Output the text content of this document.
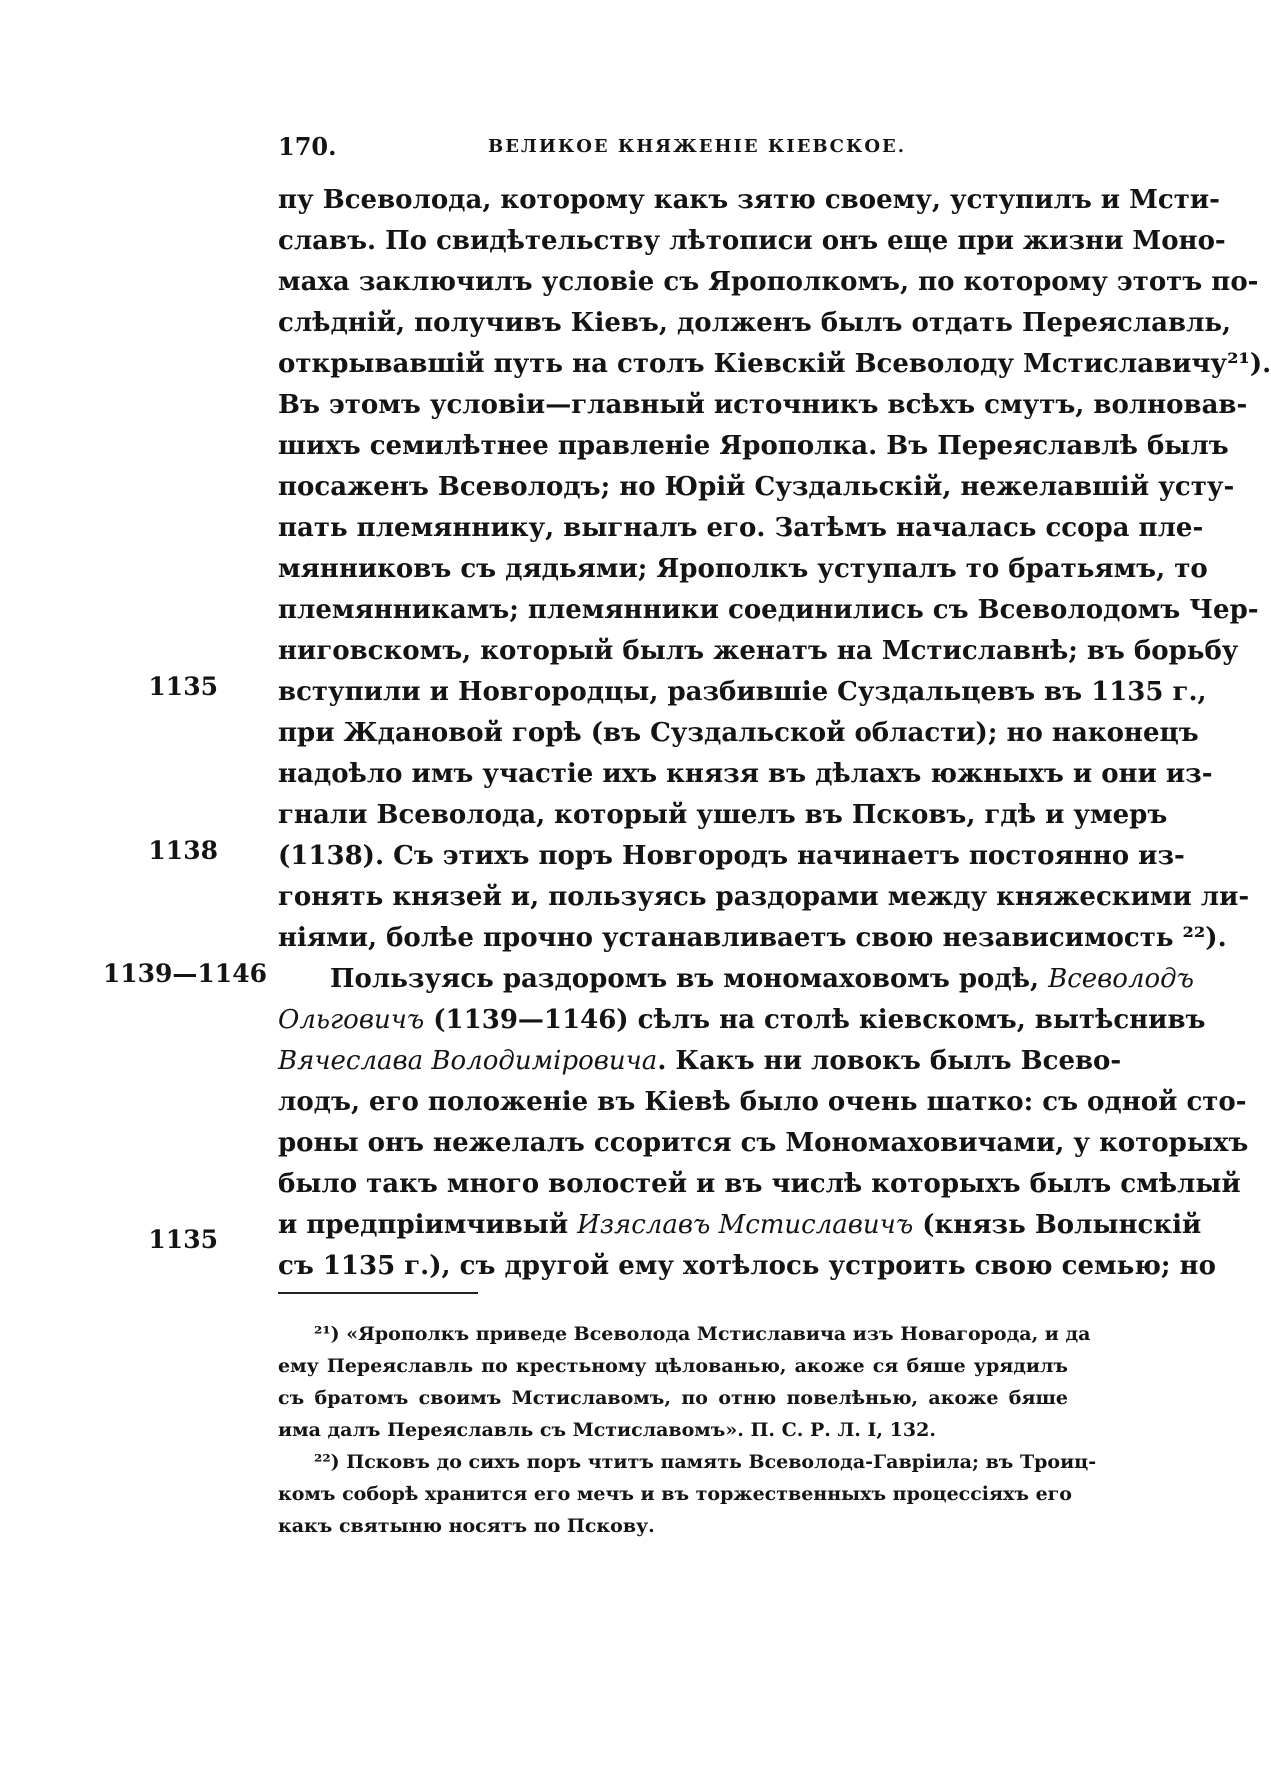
170.	ВЕЛИКОЕ КНЯЖЕНІЕ КІЕВСКОЕ.
1135
1138
1139—1146
1135
пу Всеволода, которому какъ зятю своему, уступилъ и Мсти-
славъ. По свидѣтельству лѣтописи онъ еще при жизни Моно-
маха заключилъ условіе съ Ярополкомъ, по которому этотъ по-
слѣдній, получивъ Кіевъ, долженъ былъ отдать Переяславль,
открывавшій путь на столъ Кіевскій Всеволоду Мстиславичу²¹).
Въ этомъ условіи—главный источникъ всѣхъ смутъ, волновав-
шихъ семилѣтнее правленіе Ярополка. Въ Переяславлѣ былъ
посаженъ Всеволодъ; но Юрій Суздальскій, нежелавшій усту-
пать племяннику, выгналъ его. Затѣмъ началась ссора пле-
мянниковъ съ дядьями; Ярополкъ уступалъ то братьямъ, то
племянникамъ; племянники соединились съ Всеволодомъ Чер-
ниговскомъ, который былъ женатъ на Мстиславнѣ; въ борьбу
вступили и Новгородцы, разбившіе Суздальцевъ въ 1135 г.,
при Ждановой горѣ (въ Суздальской области); но наконецъ
надоѣло имъ участіе ихъ князя въ дѣлахъ южныхъ и они из-
гнали Всеволода, который ушелъ въ Псковъ, гдѣ и умеръ
(1138). Съ этихъ поръ Новгородъ начинаетъ постоянно из-
гонять князей и, пользуясь раздорами между княжескими ли-
ніями, болѣе прочно устанавливаетъ свою независимость ²²).
Пользуясь раздоромъ въ мономаховомъ родѣ, Всеволодъ
Ольговичъ (1139—1146) сѣлъ на столѣ кіевскомъ, вытѣснивъ
Вячеслава Володиміровича. Какъ ни ловокъ былъ Всево-
лодъ, его положеніе въ Кіевѣ было очень шатко: съ одной сто-
роны онъ нежелалъ ссорится съ Мономаховичами, у которыхъ
было такъ много волостей и въ числѣ которыхъ былъ смѣлый
и предпріимчивый Изяславъ Мстиславичъ (князь Волынскій
съ 1135 г.), съ другой ему хотѣлось устроить свою семью; но
²¹) «Ярополкъ приведе Всеволода Мстиславича изъ Новагорода, и да
ему Переяславль по крестьному цѣлованью, акоже ся бяше урядилъ
съ братомъ своимъ Мстиславомъ, по отню повелѣнью, акоже бяше
има далъ Переяславль съ Мстиславомъ». П. С. Р. Л. I, 132.
²²) Псковъ до сихъ поръ чтитъ память Всеволода-Гавріила; въ Троиц-
комъ соборѣ хранится его мечъ и въ торжественныхъ процессіяхъ его
какъ святыню носятъ по Пскову.
